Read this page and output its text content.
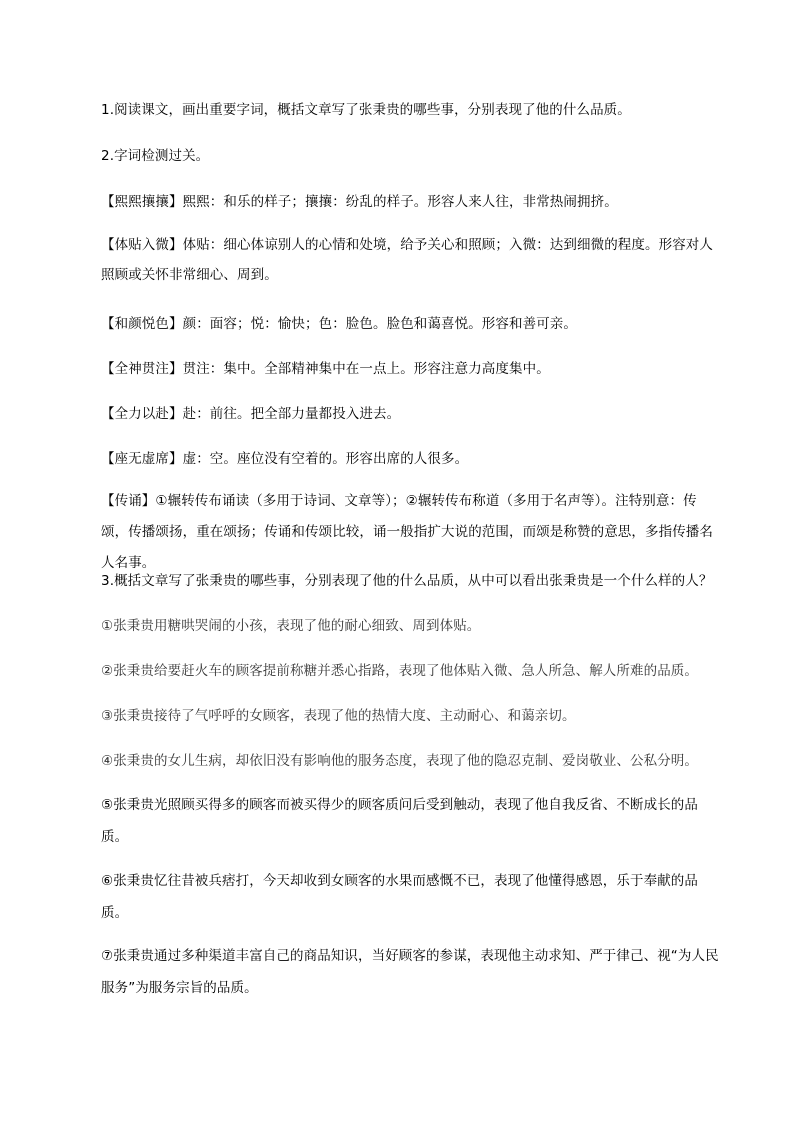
1.阅读课文，画出重要字词，概括文章写了张秉贵的哪些事，分别表现了他的什么品质。
2.字词检测过关。
【熙熙攘攘】熙熙：和乐的样子；攘攘：纷乱的样子。形容人来人往，非常热闹拥挤。
【体贴入微】体贴：细心体谅别人的心情和处境，给予关心和照顾；入微：达到细微的程度。形容对人照顾或关怀非常细心、周到。
【和颜悦色】颜：面容；悦：愉快；色：脸色。脸色和蔼喜悦。形容和善可亲。
【全神贯注】贯注：集中。全部精神集中在一点上。形容注意力高度集中。
【全力以赴】赴：前往。把全部力量都投入进去。
【座无虚席】虚：空。座位没有空着的。形容出席的人很多。
【传诵】①辗转传布诵读（多用于诗词、文章等）；②辗转传布称道（多用于名声等）。注特别意：传颂，传播颂扬，重在颂扬；传诵和传颂比较，诵一般指扩大说的范围，而颂是称赞的意思，多指传播名人名事。
3.概括文章写了张秉贵的哪些事，分别表现了他的什么品质，从中可以看出张秉贵是一个什么样的人？
①张秉贵用糖哄哭闹的小孩，表现了他的耐心细致、周到体贴。
②张秉贵给要赶火车的顾客提前称糖并悉心指路，表现了他体贴入微、急人所急、解人所难的品质。
③张秉贵接待了气呼呼的女顾客，表现了他的热情大度、主动耐心、和蔼亲切。
④张秉贵的女儿生病，却依旧没有影响他的服务态度，表现了他的隐忍克制、爱岗敬业、公私分明。
⑤张秉贵光照顾买得多的顾客而被买得少的顾客质问后受到触动，表现了他自我反省、不断成长的品质。
⑥张秉贵忆往昔被兵痞打，今天却收到女顾客的水果而感慨不已，表现了他懂得感恩，乐于奉献的品质。
⑦张秉贵通过多种渠道丰富自己的商品知识，当好顾客的参谋，表现他主动求知、严于律己、视“为人民服务”为服务宗旨的品质。
